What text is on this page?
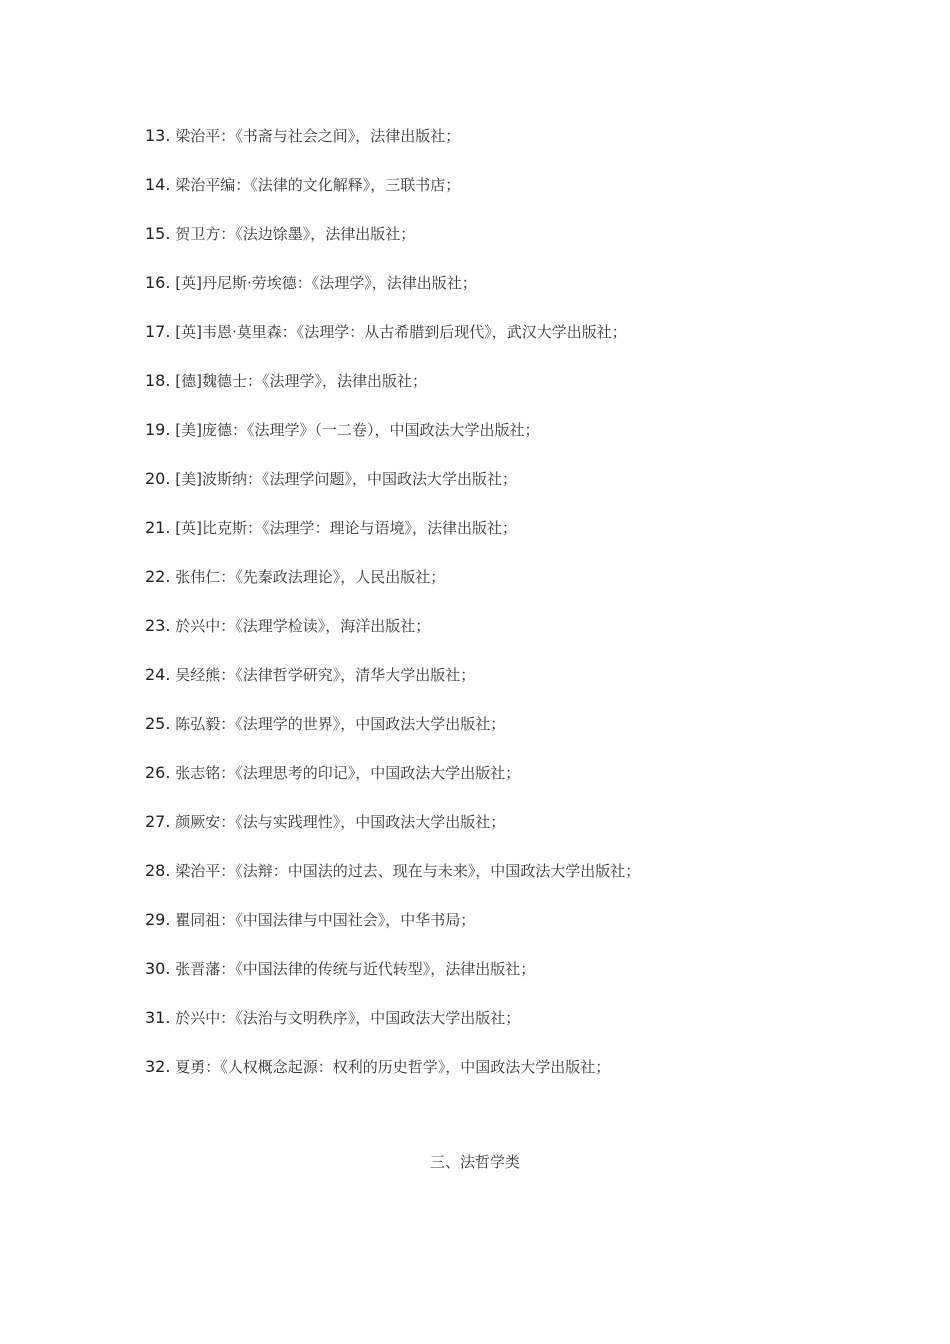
13. 梁治平：《书斋与社会之间》，法律出版社；
14. 梁治平编：《法律的文化解释》，三联书店；
15. 贺卫方：《法边馀墨》，法律出版社；
16. [英]丹尼斯·劳埃德：《法理学》，法律出版社；
17. [英]韦恩·莫里森：《法理学：从古希腊到后现代》，武汉大学出版社；
18. [德]魏德士：《法理学》，法律出版社；
19. [美]庞德：《法理学》（一二卷），中国政法大学出版社；
20. [美]波斯纳：《法理学问题》，中国政法大学出版社；
21. [英]比克斯：《法理学：理论与语境》，法律出版社；
22. 张伟仁：《先秦政法理论》，人民出版社；
23. 於兴中：《法理学检读》，海洋出版社；
24. 吴经熊：《法律哲学研究》，清华大学出版社；
25. 陈弘毅：《法理学的世界》，中国政法大学出版社；
26. 张志铭：《法理思考的印记》，中国政法大学出版社；
27. 颜厥安：《法与实践理性》，中国政法大学出版社；
28. 梁治平：《法辩：中国法的过去、现在与未来》，中国政法大学出版社；
29. 瞿同祖：《中国法律与中国社会》，中华书局；
30. 张晋藩：《中国法律的传统与近代转型》，法律出版社；
31. 於兴中：《法治与文明秩序》，中国政法大学出版社；
32. 夏勇：《人权概念起源：权利的历史哲学》，中国政法大学出版社；
三、法哲学类
